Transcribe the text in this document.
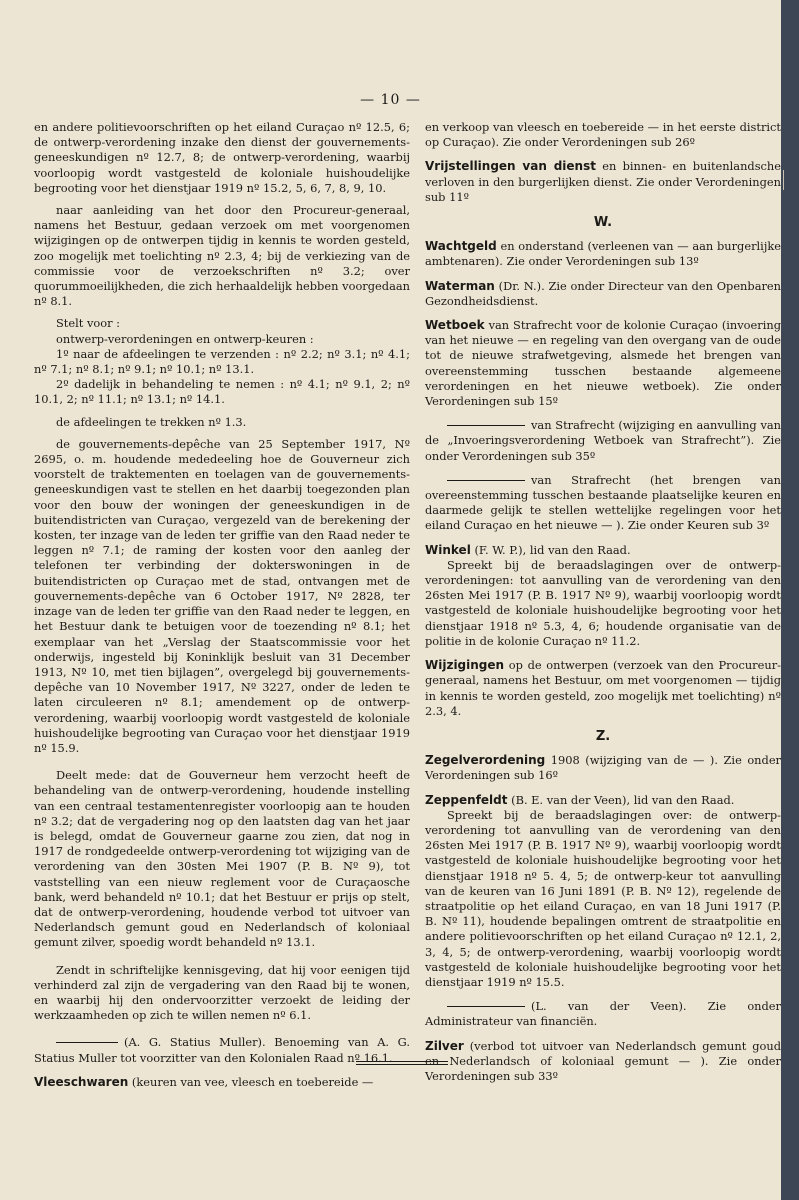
— 10 —

en andere politievoorschriften op het eiland Curaçao nº 12.5, 6; de ontwerp-verordening inzake den dienst der gouvernements-geneeskundigen nº 12.7, 8; de ontwerp-verordening, waarbij voorloopig wordt vastgesteld de koloniale huishoudelijke begrooting voor het dienstjaar 1919 nº 15.2, 5, 6, 7, 8, 9, 10.

naar aanleiding van het door den Procureur-generaal, namens het Bestuur, gedaan verzoek om met voorgenomen wijzigingen op de ontwerpen tijdig in kennis te worden gesteld, zoo mogelijk met toelichting nº 2.3, 4; bij de verkiezing van de commissie voor de verzoekschriften nº 3.2; over quorummoeilijkheden, die zich herhaaldelijk hebben voorgedaan nº 8.1.

Stelt voor :

ontwerp-verordeningen en ontwerp-keuren :

1º naar de afdeelingen te verzenden : nº 2.2; nº 3.1; nº 4.1; nº 7.1; nº 8.1; nº 9.1; nº 10.1; nº 13.1.

2º dadelijk in behandeling te nemen : nº 4.1; nº 9.1, 2; nº 10.1, 2; nº 11.1; nº 13.1; nº 14.1.

de afdeelingen te trekken nº 1.3.

de gouvernements-depêche van 25 September 1917, Nº 2695, o. m. houdende mededeeling hoe de Gouverneur zich voorstelt de traktementen en toelagen van de gouvernements-geneeskundigen vast te stellen en het daarbij toegezonden plan voor den bouw der woningen der geneeskundigen in de buitendistricten van Curaçao, vergezeld van de berekening der kosten, ter inzage van de leden ter griffie van den Raad neder te leggen nº 7.1; de raming der kosten voor den aanleg der telefonen ter verbinding der dokterswoningen in de buitendistricten op Curaçao met de stad, ontvangen met de gouvernements-depêche van 6 October 1917, Nº 2828, ter inzage van de leden ter griffie van den Raad neder te leggen, en het Bestuur dank te betuigen voor de toezending nº 8.1; het exemplaar van het „Verslag der Staatscommissie voor het onderwijs, ingesteld bij Koninklijk besluit van 31 December 1913, Nº 10, met tien bijlagen”, overgelegd bij gouvernements-depêche van 10 November 1917, Nº 3227, onder de leden te laten circuleeren nº 8.1; amendement op de ontwerp-verordening, waarbij voorloopig wordt vastgesteld de koloniale huishoudelijke begrooting van Curaçao voor het dienstjaar 1919 nº 15.9.

Deelt mede: dat de Gouverneur hem verzocht heeft de behandeling van de ontwerp-verordening, houdende instelling van een centraal testamentenregister voorloopig aan te houden nº 3.2; dat de vergadering nog op den laatsten dag van het jaar is belegd, omdat de Gouverneur gaarne zou zien, dat nog in 1917 de rondgedeelde ontwerp-verordening tot wijziging van de verordening van den 30sten Mei 1907 (P. B. Nº 9), tot vaststelling van een nieuw reglement voor de Curaçaosche bank, werd behandeld nº 10.1; dat het Bestuur er prijs op stelt, dat de ontwerp-verordening, houdende verbod tot uitvoer van Nederlandsch gemunt goud en Nederlandsch of koloniaal gemunt zilver, spoedig wordt behandeld nº 13.1.

Zendt in schriftelijke kennisgeving, dat hij voor eenigen tijd verhinderd zal zijn de vergadering van den Raad bij te wonen, en waarbij hij den ondervoorzitter verzoekt de leiding der werkzaamheden op zich te willen nemen nº 6.1.

(A. G. Statius Muller). Benoeming van A. G. Statius Muller tot voorzitter van den Kolonialen Raad nº 16.1.

Vleeschwaren (keuren van vee, vleesch en toebereide —

en verkoop van vleesch en toebereide — in het eerste district op Curaçao). Zie onder Verordeningen sub 26º

Vrijstellingen van dienst en binnen- en buitenlandsche verloven in den burgerlijken dienst. Zie onder Verordeningen sub 11º

W.

Wachtgeld en onderstand (verleenen van — aan burgerlijke ambtenaren). Zie onder Verordeningen sub 13º

Waterman (Dr. N.). Zie onder Directeur van den Openbaren Gezondheidsdienst.

Wetboek van Strafrecht voor de kolonie Curaçao (invoering van het nieuwe — en regeling van den overgang van de oude tot de nieuwe strafwetgeving, alsmede het brengen van overeenstemming tusschen bestaande algemeene verordeningen en het nieuwe wetboek). Zie onder Verordeningen sub 15º

van Strafrecht (wijziging en aanvulling van de „Invoeringsverordening Wetboek van Strafrecht”). Zie onder Verordeningen sub 35º

van Strafrecht (het brengen van overeenstemming tusschen bestaande plaatselijke keuren en daarmede gelijk te stellen wettelijke regelingen voor het eiland Curaçao en het nieuwe — ). Zie onder Keuren sub 3º

Winkel (F. W. P.), lid van den Raad.

Spreekt bij de beraadslagingen over de ontwerp-verordeningen: tot aanvulling van de verordening van den 26sten Mei 1917 (P. B. 1917 Nº 9), waarbij voorloopig wordt vastgesteld de koloniale huishoudelijke begrooting voor het dienstjaar 1918 nº 5.3, 4, 6; houdende organisatie van de politie in de kolonie Curaçao nº 11.2.

Wijzigingen op de ontwerpen (verzoek van den Procureur-generaal, namens het Bestuur, om met voorgenomen — tijdig in kennis te worden gesteld, zoo mogelijk met toelichting) nº 2.3, 4.

Z.

Zegelverordening 1908 (wijziging van de — ). Zie onder Verordeningen sub 16º

Zeppenfeldt (B. E. van der Veen), lid van den Raad.

Spreekt bij de beraadslagingen over: de ontwerp-verordening tot aanvulling van de verordening van den 26sten Mei 1917 (P. B. 1917 Nº 9), waarbij voorloopig wordt vastgesteld de koloniale huishoudelijke begrooting voor het dienstjaar 1918 nº 5. 4, 5; de ontwerp-keur tot aanvulling van de keuren van 16 Juni 1891 (P. B. Nº 12), regelende de straatpolitie op het eiland Curaçao, en van 18 Juni 1917 (P. B. Nº 11), houdende bepalingen omtrent de straatpolitie en andere politievoorschriften op het eiland Curaçao nº 12.1, 2, 3, 4, 5; de ontwerp-verordening, waarbij voorloopig wordt vastgesteld de koloniale huishoudelijke begrooting voor het dienstjaar 1919 nº 15.5.

(L. van der Veen). Zie onder Administrateur van financiën.

Zilver (verbod tot uitvoer van Nederlandsch gemunt goud en Nederlandsch of koloniaal gemunt — ). Zie onder Verordeningen sub 33º
